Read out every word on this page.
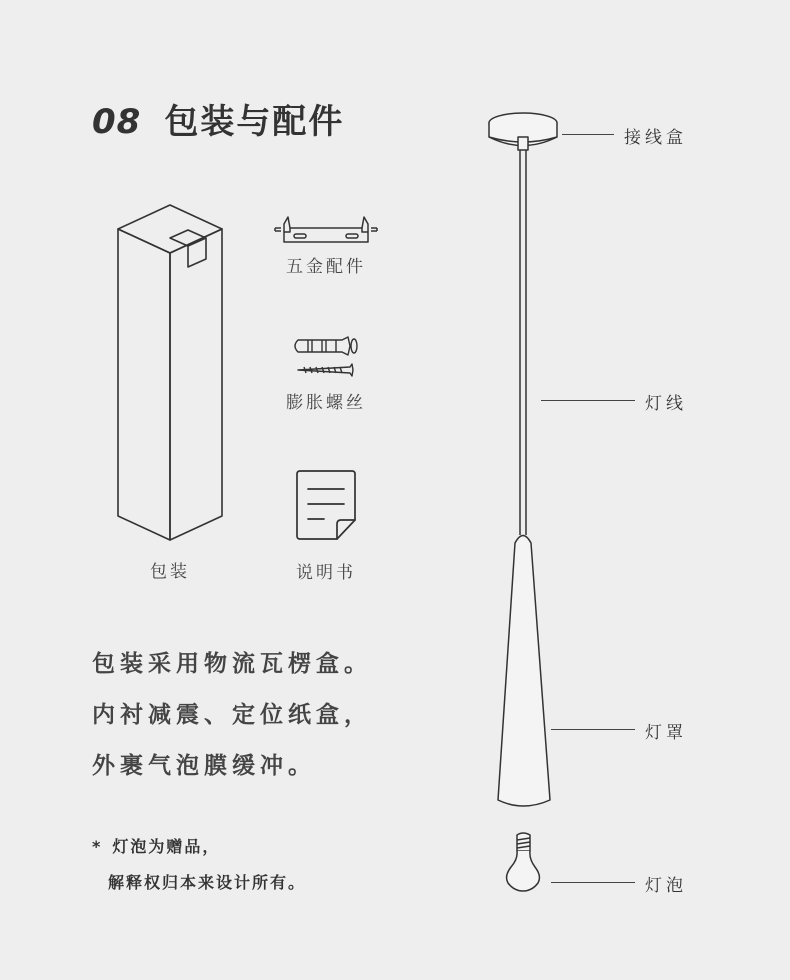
08 包装与配件
包装
五金配件
膨胀螺丝
说明书
包装采用物流瓦楞盒。
内衬减震、定位纸盒，
外裹气泡膜缓冲。
* 灯泡为赠品，
解释权归本来设计所有。
接线盒
灯线
灯罩
灯泡
